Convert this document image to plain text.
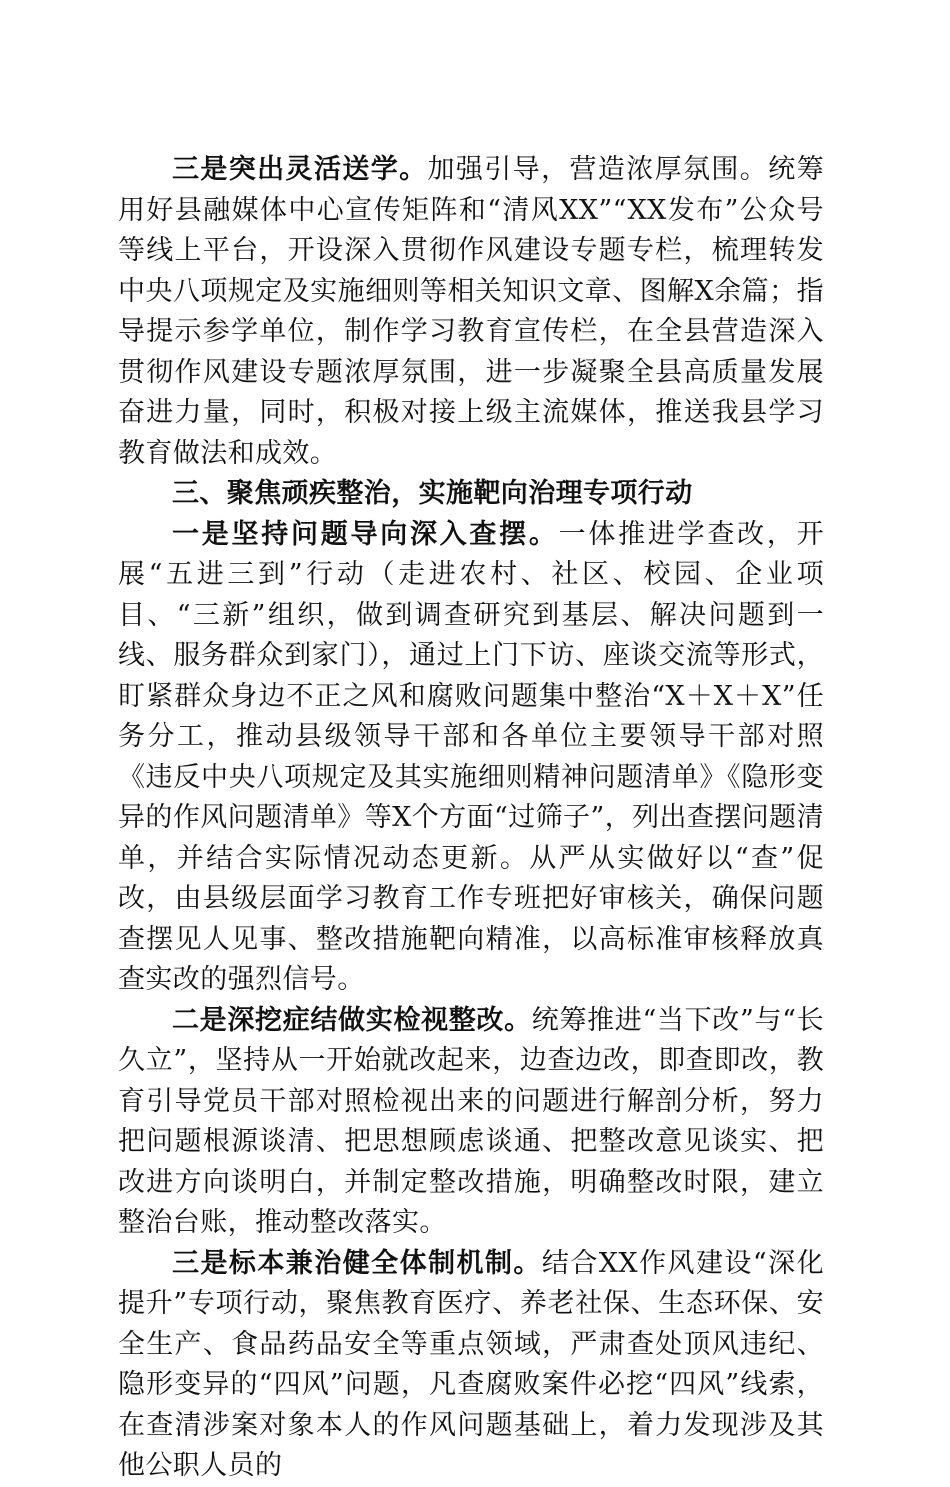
三是突出灵活送学。加强引导，营造浓厚氛围。统筹用好县融媒体中心宣传矩阵和“清风XX”“XX发布”公众号等线上平台，开设深入贯彻作风建设专题专栏，梳理转发中央八项规定及实施细则等相关知识文章、图解X余篇；指导提示参学单位，制作学习教育宣传栏，在全县营造深入贯彻作风建设专题浓厚氛围，进一步凝聚全县高质量发展奋进力量，同时，积极对接上级主流媒体，推送我县学习教育做法和成效。

三、聚焦顽疾整治，实施靶向治理专项行动

一是坚持问题导向深入查摆。一体推进学查改，开展“五进三到”行动（走进农村、社区、校园、企业项目、“三新”组织，做到调查研究到基层、解决问题到一线、服务群众到家门），通过上门下访、座谈交流等形式，盯紧群众身边不正之风和腐败问题集中整治“X＋X＋X”任务分工，推动县级领导干部和各单位主要领导干部对照《违反中央八项规定及其实施细则精神问题清单》《隐形变异的作风问题清单》等X个方面“过筛子”，列出查摆问题清单，并结合实际情况动态更新。从严从实做好以“查”促改，由县级层面学习教育工作专班把好审核关，确保问题查摆见人见事、整改措施靶向精准，以高标准审核释放真查实改的强烈信号。

二是深挖症结做实检视整改。统筹推进“当下改”与“长久立”，坚持从一开始就改起来，边查边改，即查即改，教育引导党员干部对照检视出来的问题进行解剖分析，努力把问题根源谈清、把思想顾虑谈通、把整改意见谈实、把改进方向谈明白，并制定整改措施，明确整改时限，建立整治台账，推动整改落实。

三是标本兼治健全体制机制。结合XX作风建设“深化提升”专项行动，聚焦教育医疗、养老社保、生态环保、安全生产、食品药品安全等重点领域，严肃查处顶风违纪、隐形变异的“四风”问题，凡查腐败案件必挖“四风”线索，在查清涉案对象本人的作风问题基础上，着力发现涉及其他公职人员的
